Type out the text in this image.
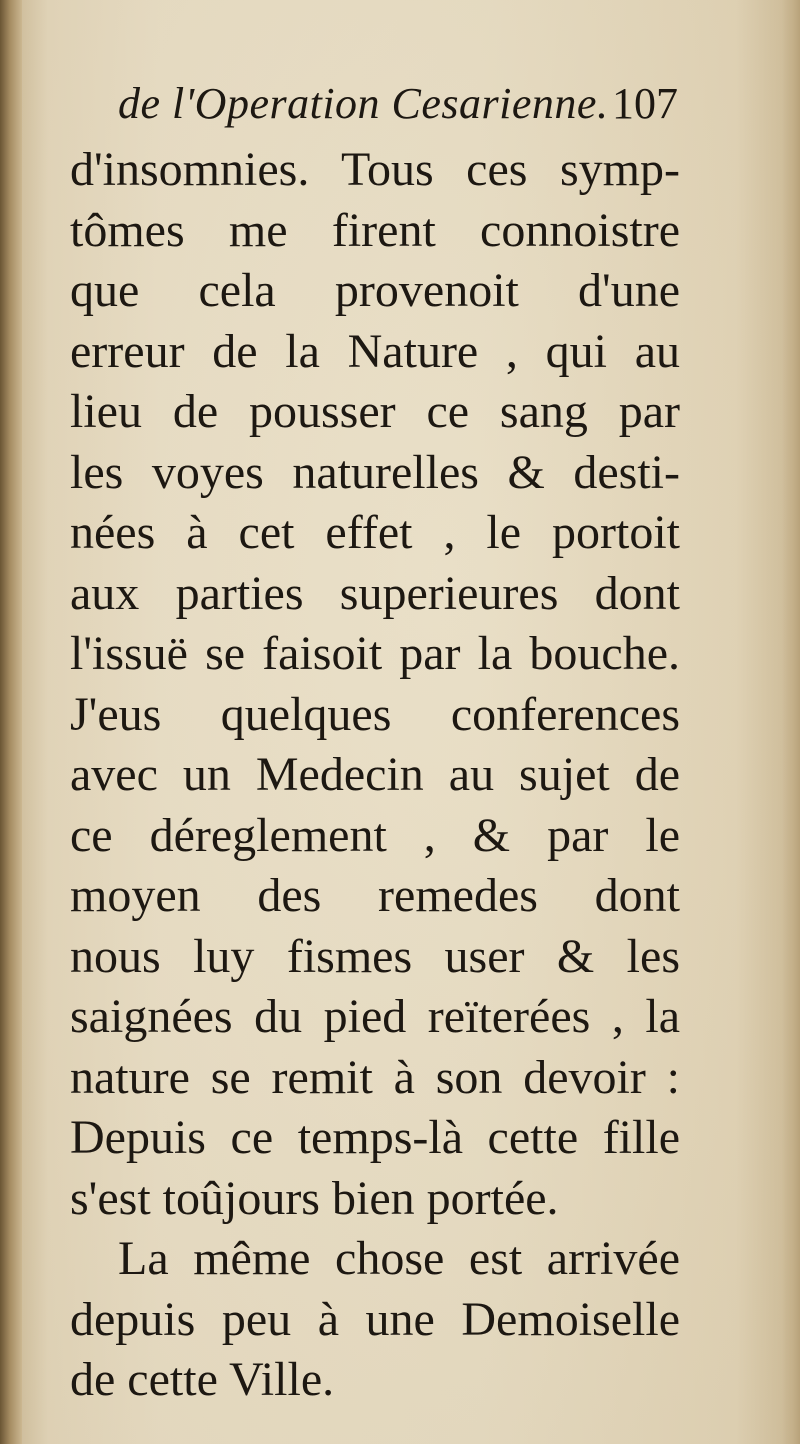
de l'Operation Cesarienne. 107
d'insomnies. Tous ces symp-
tômes me firent connoistre
que cela provenoit d'une
erreur de la Nature , qui au
lieu de pousser ce sang par
les voyes naturelles & desti-
nées à cet effet , le portoit
aux parties superieures dont
l'issuë se faisoit par la bouche.
J'eus quelques conferences
avec un Medecin au sujet de
ce déreglement , & par le
moyen des remedes dont
nous luy fismes user & les
saignées du pied reïterées , la
nature se remit à son devoir :
Depuis ce temps-là cette fille
s'est toûjours bien portée.
La même chose est arrivée
depuis peu à une Demoiselle
de cette Ville.
